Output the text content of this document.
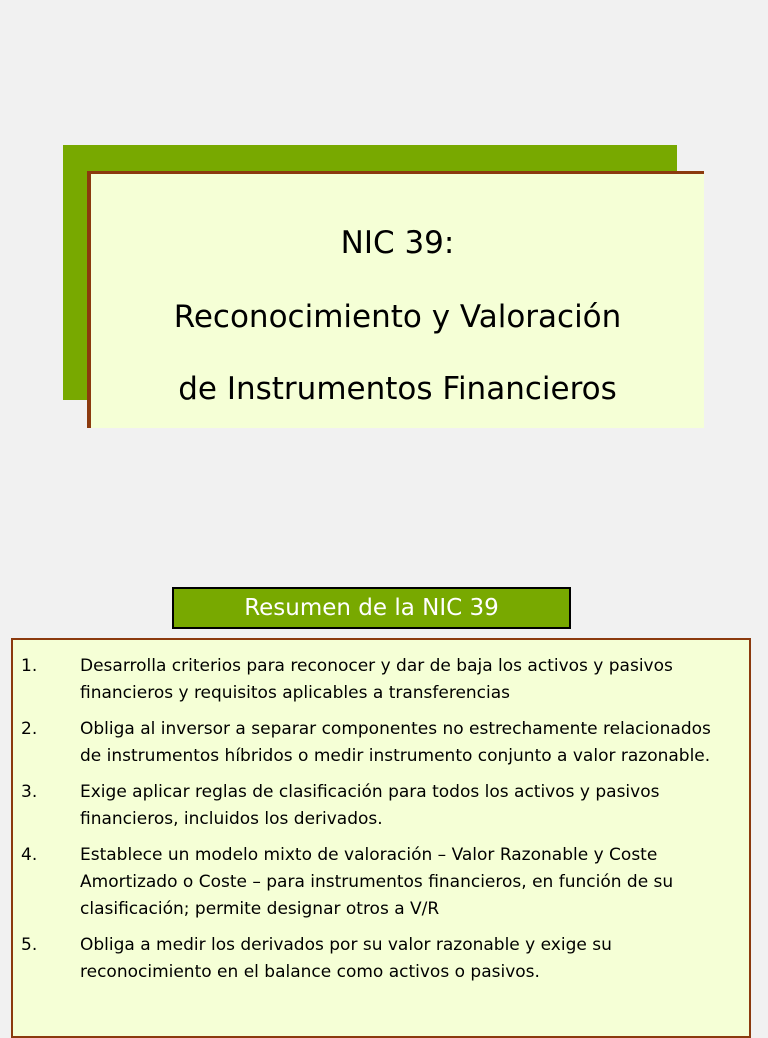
NIC 39:
Reconocimiento y Valoración
de Instrumentos Financieros
Resumen de la NIC 39
1.	Desarrolla criterios para reconocer y dar de baja los activos y pasivos financieros y requisitos aplicables a transferencias
2.	Obliga al inversor a separar componentes no estrechamente relacionados de instrumentos híbridos o medir instrumento conjunto a valor razonable.
3.	Exige aplicar reglas de clasificación para todos los activos y pasivos financieros, incluidos los derivados.
4.	Establece un modelo mixto de valoración – Valor Razonable y Coste Amortizado o Coste – para instrumentos financieros, en función de su clasificación; permite designar otros a V/R
5.	Obliga a medir los derivados por su valor razonable y exige su reconocimiento en el balance como activos o pasivos.
